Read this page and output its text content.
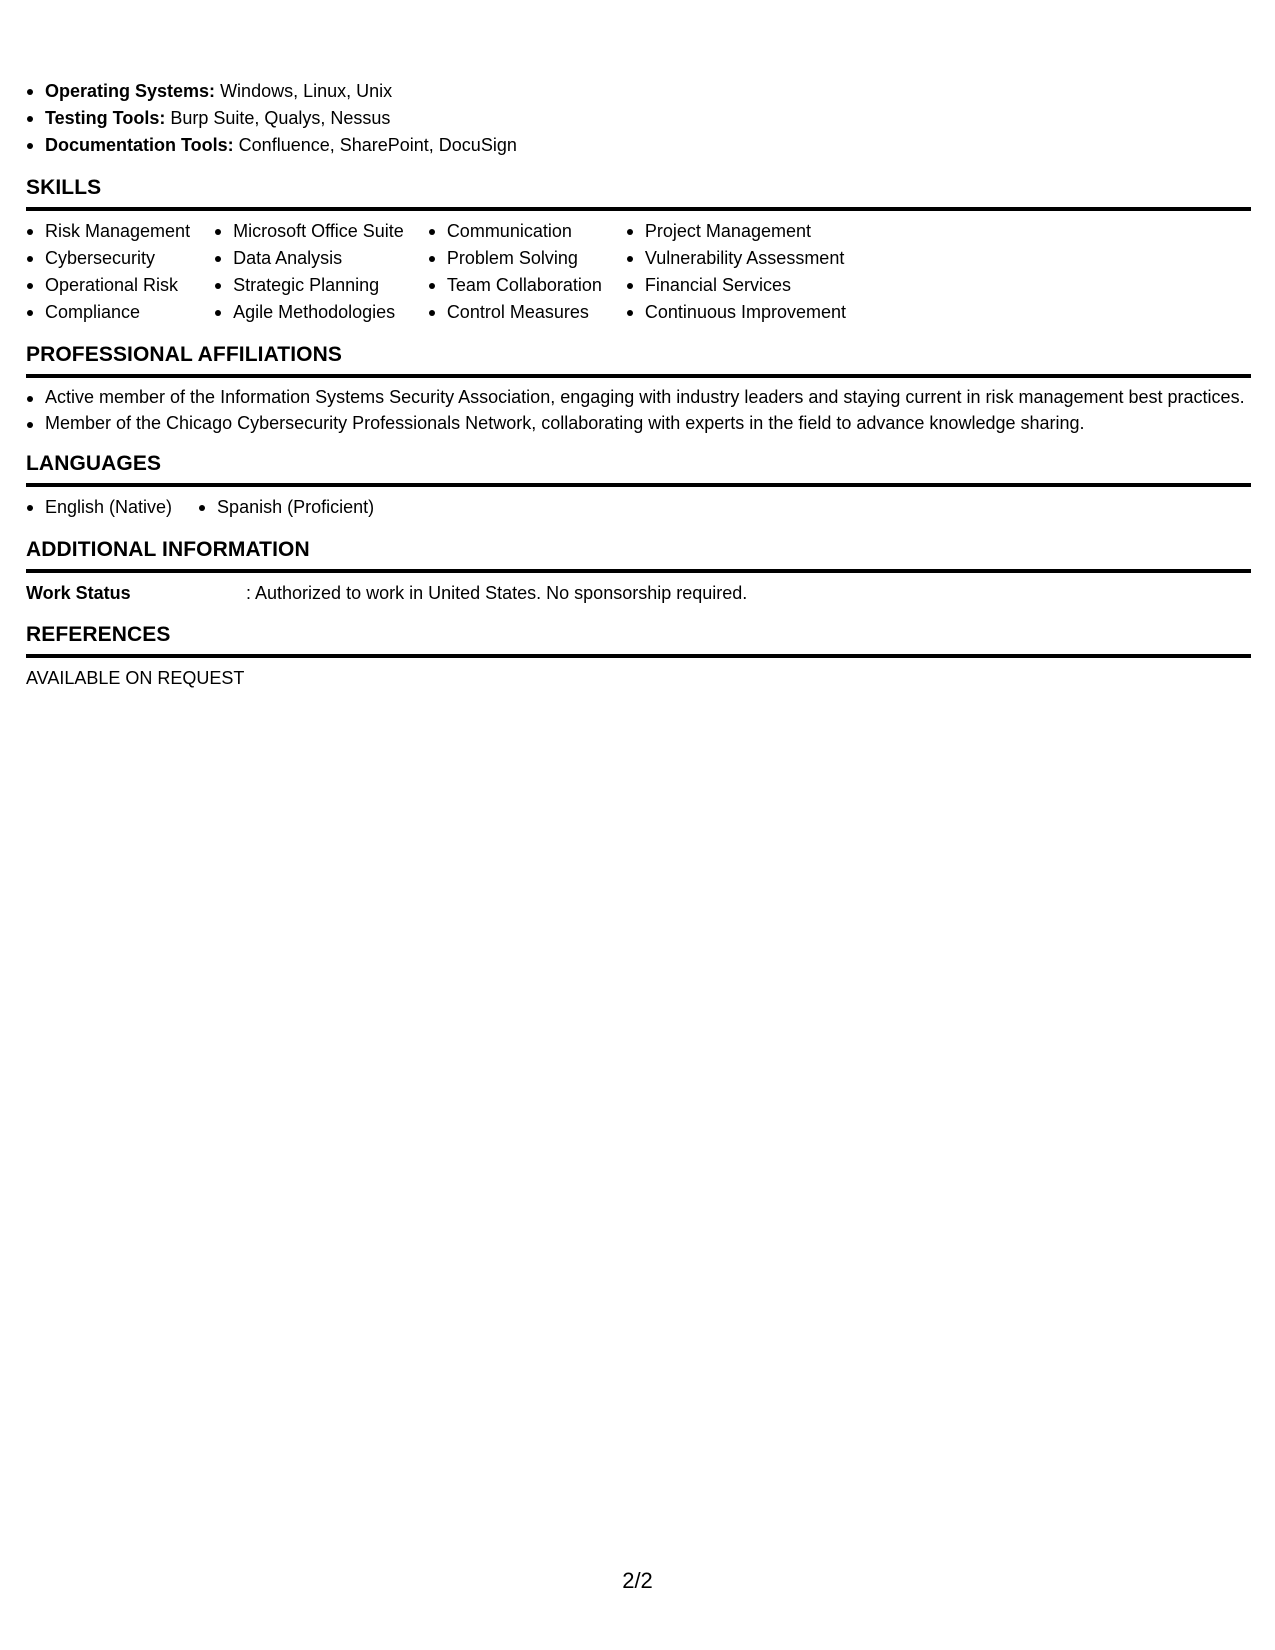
Operating Systems: Windows, Linux, Unix
Testing Tools: Burp Suite, Qualys, Nessus
Documentation Tools: Confluence, SharePoint, DocuSign
SKILLS
Risk Management
Cybersecurity
Operational Risk
Compliance
Microsoft Office Suite
Data Analysis
Strategic Planning
Agile Methodologies
Communication
Problem Solving
Team Collaboration
Control Measures
Project Management
Vulnerability Assessment
Financial Services
Continuous Improvement
PROFESSIONAL AFFILIATIONS
Active member of the Information Systems Security Association, engaging with industry leaders and staying current in risk management best practices.
Member of the Chicago Cybersecurity Professionals Network, collaborating with experts in the field to advance knowledge sharing.
LANGUAGES
English (Native)	Spanish (Proficient)
ADDITIONAL INFORMATION
Work Status	: Authorized to work in United States. No sponsorship required.
REFERENCES
AVAILABLE ON REQUEST
2/2
